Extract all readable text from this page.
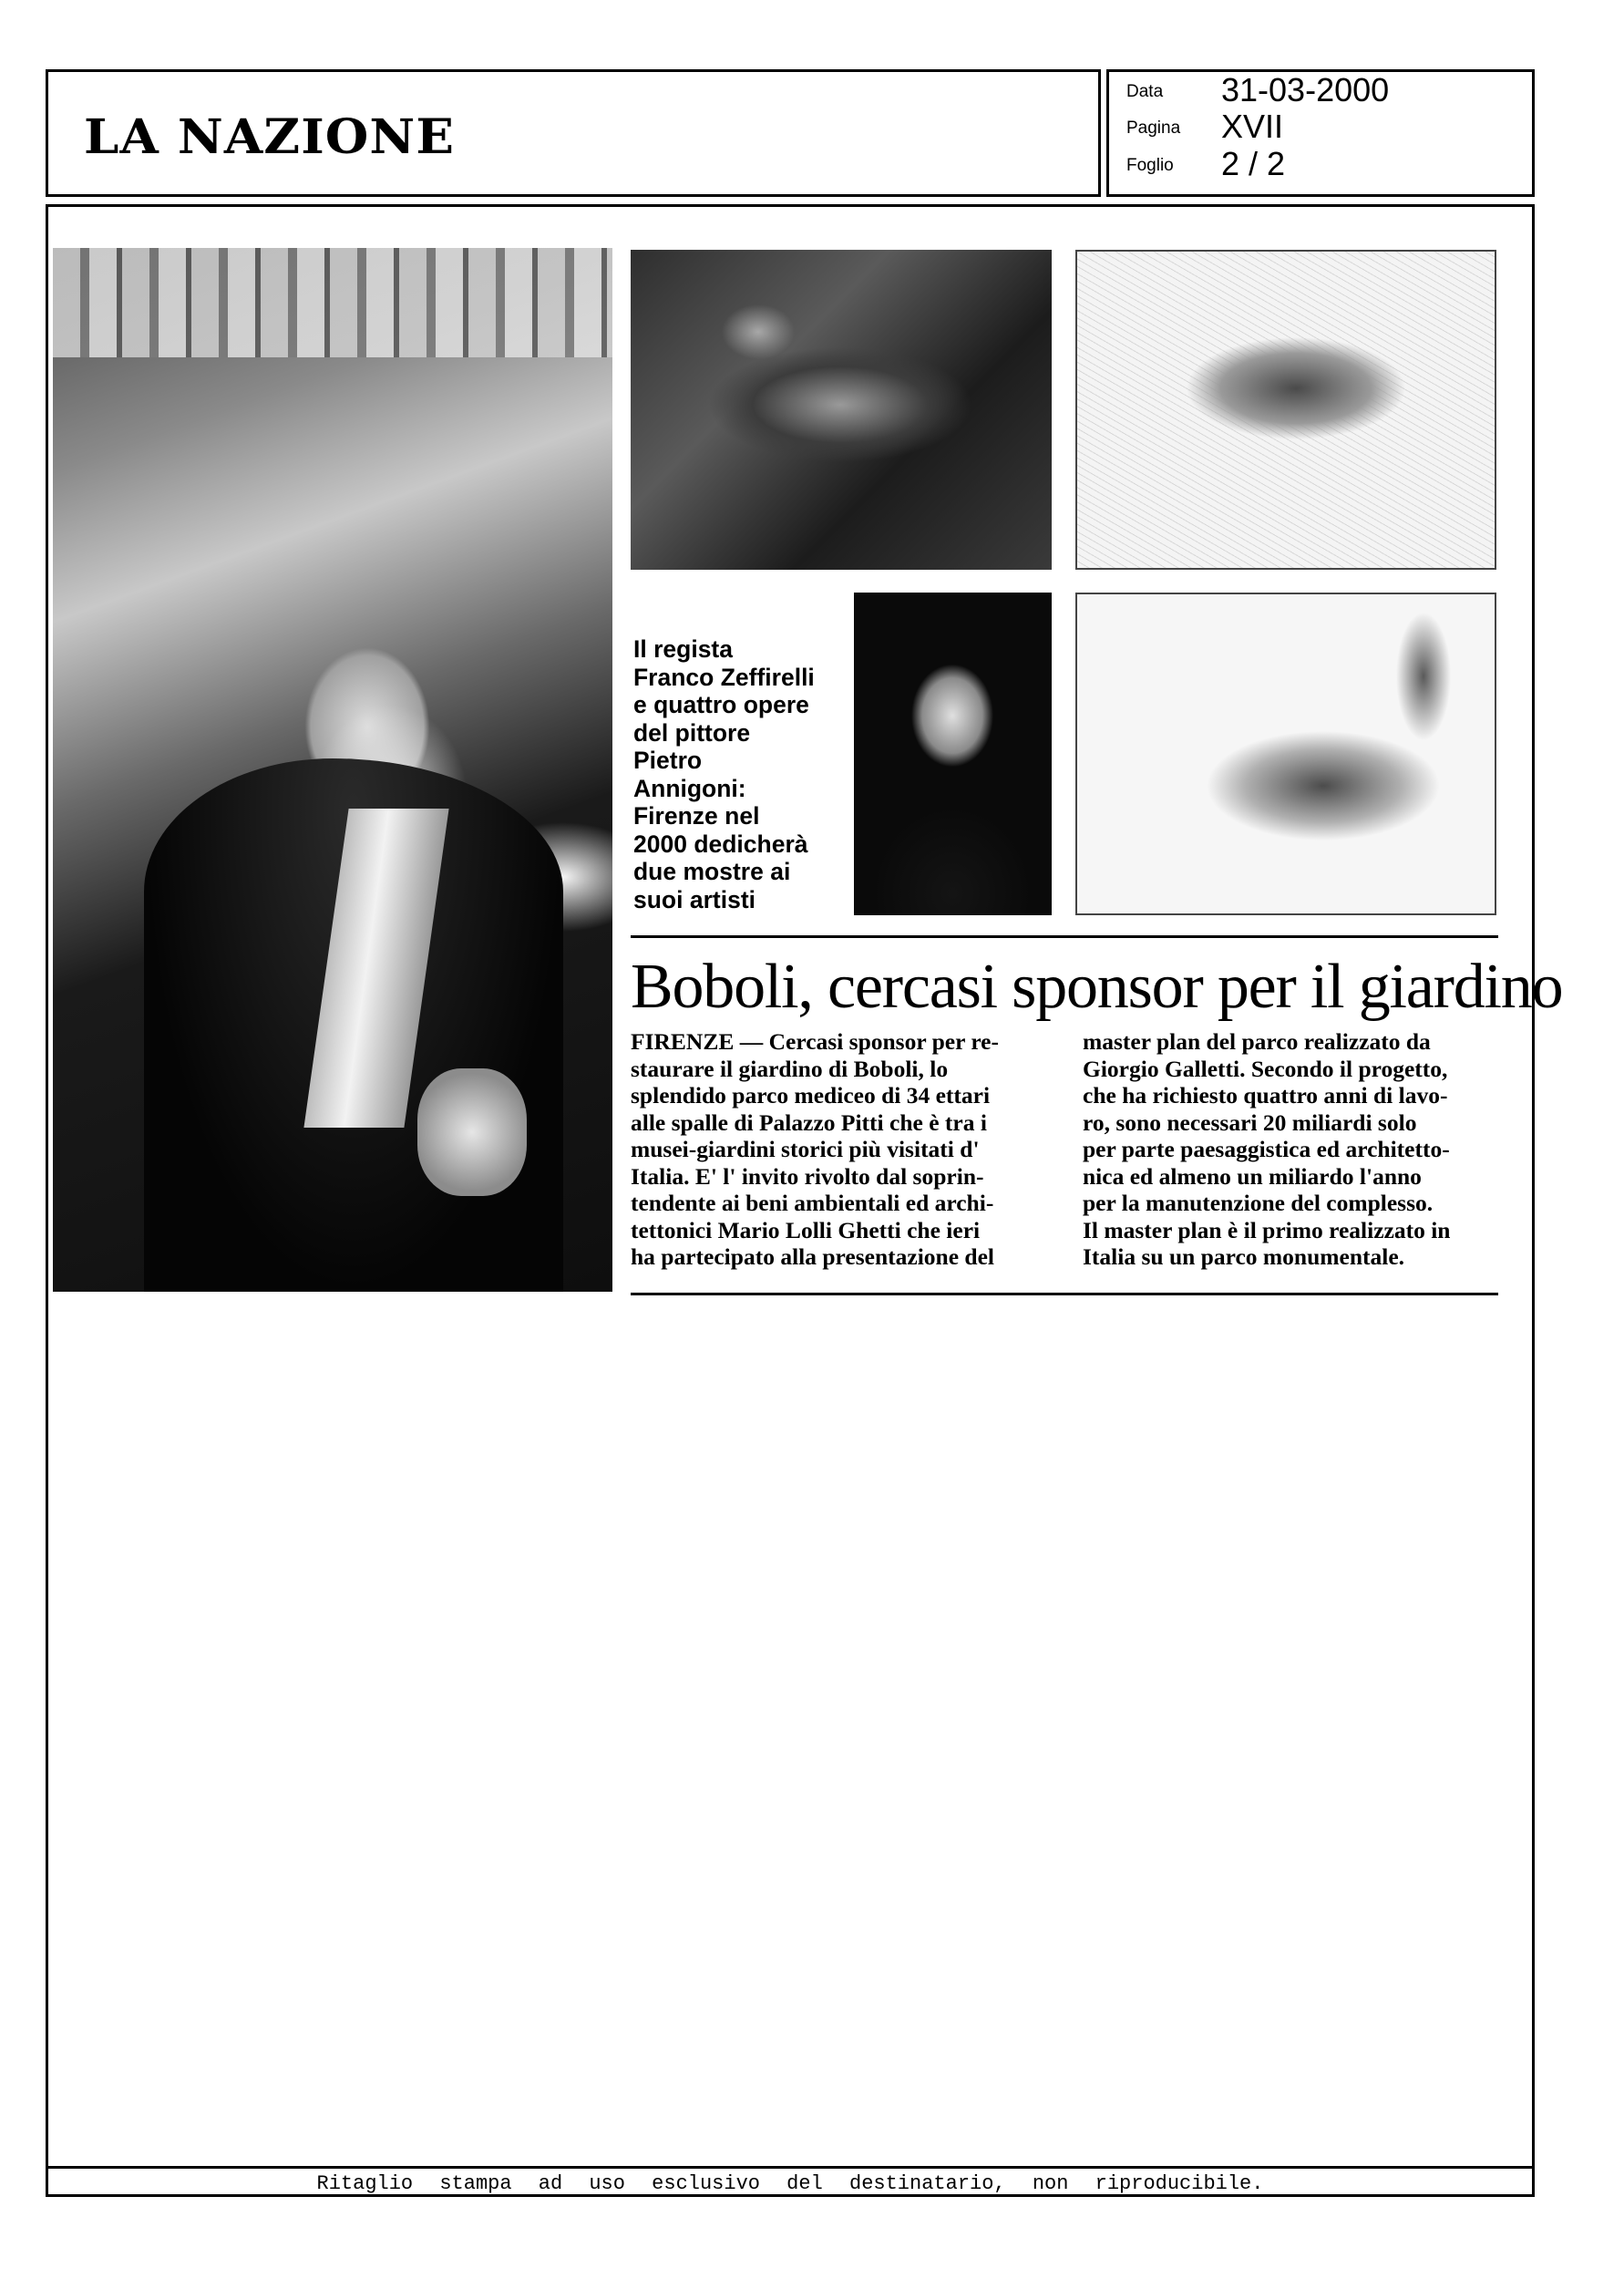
LA NAZIONE
Data 31-03-2000
Pagina XVII
Foglio 2 / 2
Il regista
Franco Zeffirelli
e quattro opere
del pittore
Pietro
Annigoni:
Firenze nel
2000 dedicherà
due mostre ai
suoi artisti
Boboli, cercasi sponsor per il giardino

FIRENZE — Cercasi sponsor per re-

staurare il giardino di Boboli, lo

splendido parco mediceo di 34 ettari

alle spalle di Palazzo Pitti che è tra i

musei-giardini storici più visitati d'

Italia. E' l' invito rivolto dal soprin-

tendente ai beni ambientali ed archi-

tettonici Mario Lolli Ghetti che ieri

ha partecipato alla presentazione del

master plan del parco realizzato da

Giorgio Galletti. Secondo il progetto,

che ha richiesto quattro anni di lavo-

ro, sono necessari 20 miliardi solo

per parte paesaggistica ed architetto-

nica ed almeno un miliardo l'anno

per la manutenzione del complesso.

Il master plan è il primo realizzato in

Italia su un parco monumentale.

Ritaglio stampa ad uso esclusivo del destinatario, non riproducibile.
